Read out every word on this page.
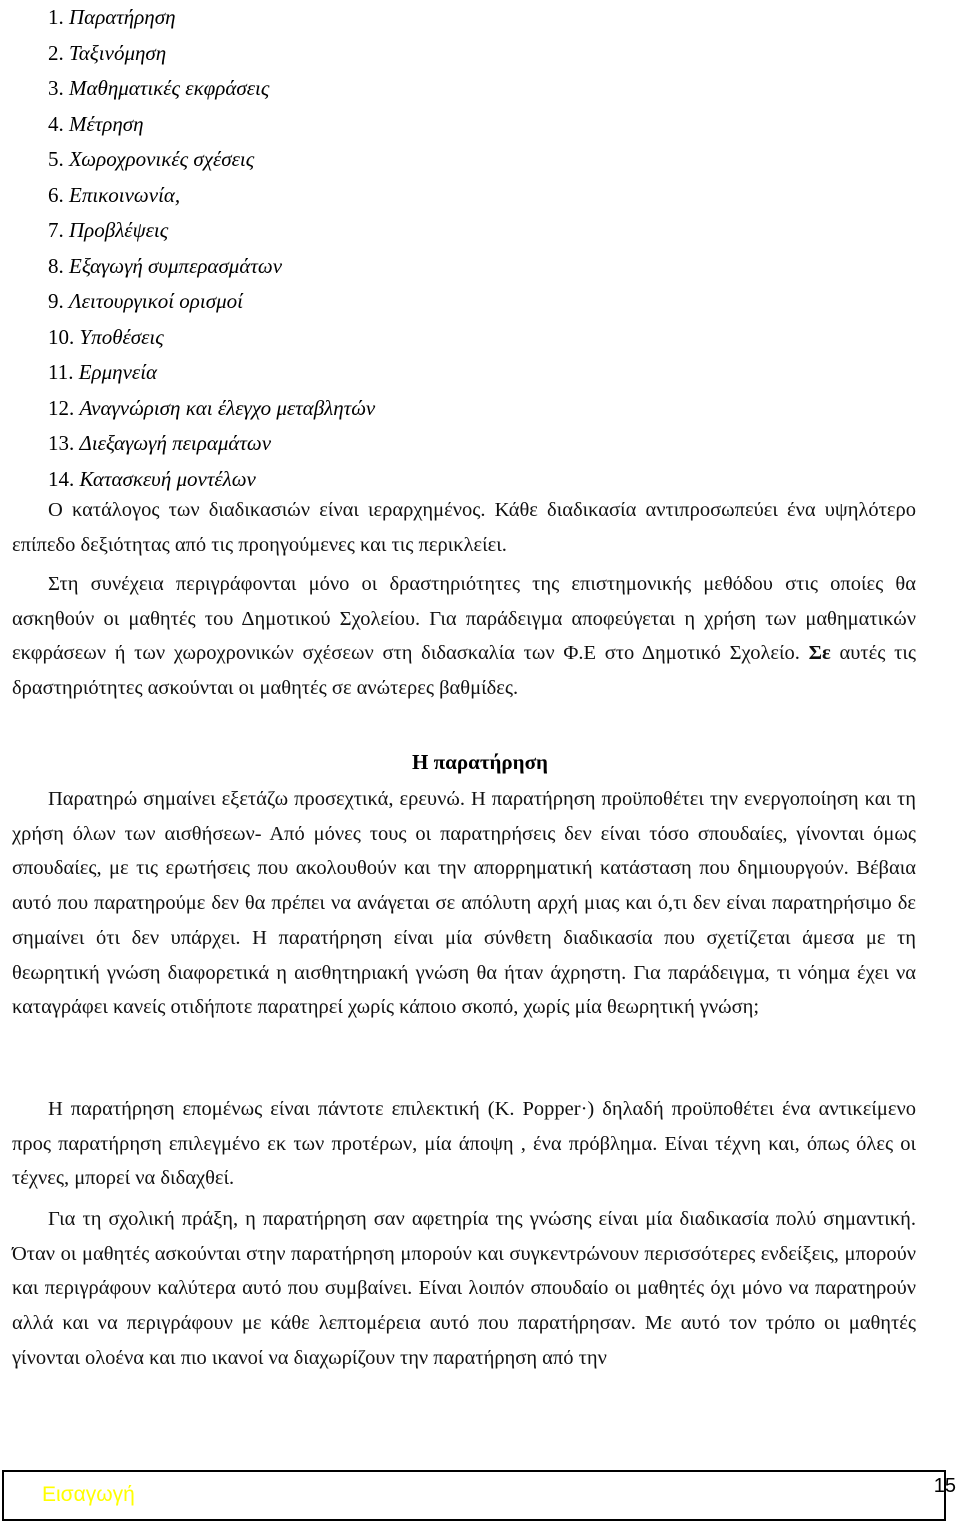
1. Παρατήρηση
2. Ταξινόμηση
3. Μαθηματικές εκφράσεις
4. Μέτρηση
5. Χωροχρονικές σχέσεις
6. Επικοινωνία,
7. Προβλέψεις
8. Εξαγωγή συμπερασμάτων
9. Λειτουργικοί ορισμοί
10. Υποθέσεις
11. Ερμηνεία
12. Αναγνώριση και έλεγχο μεταβλητών
13. Διεξαγωγή πειραμάτων
14. Κατασκευή μοντέλων

Ο κατάλογος των διαδικασιών είναι ιεραρχημένος. Κάθε διαδικασία αντιπροσωπεύει ένα υψηλότερο επίπεδο δεξιότητας από τις προηγούμενες και τις περικλείει.

Στη συνέχεια περιγράφονται μόνο οι δραστηριότητες της επιστημονικής μεθόδου στις οποίες θα ασκηθούν οι μαθητές του Δημοτικού Σχολείου. Για παράδειγμα αποφεύγεται η χρήση των μαθηματικών εκφράσεων ή των χωροχρονικών σχέσεων στη διδασκαλία των Φ.Ε στο Δημοτικό Σχολείο. Σε αυτές τις δραστηριότητες ασκούνται οι μαθητές σε ανώτερες βαθμίδες.

Η παρατήρηση

Παρατηρώ σημαίνει εξετάζω προσεχτικά, ερευνώ. Η παρατήρηση προϋποθέτει την ενεργοποίηση και τη χρήση όλων των αισθήσεων- Από μόνες τους οι παρατηρήσεις δεν είναι τόσο σπουδαίες, γίνονται όμως σπουδαίες, με τις ερωτήσεις που ακολουθούν και την απορρηματική κατάσταση που δημιουργούν. Βέβαια αυτό που παρατηρούμε δεν θα πρέπει να ανάγεται σε απόλυτη αρχή μιας και ό,τι δεν είναι παρατηρήσιμο δε σημαίνει ότι δεν υπάρχει. Η παρατήρηση είναι μία σύνθετη διαδικασία που σχετίζεται άμεσα με τη θεωρητική γνώση διαφορετικά η αισθητηριακή γνώση θα ήταν άχρηστη. Για παράδειγμα, τι νόημα έχει να καταγράφει κανείς οτιδήποτε παρατηρεί χωρίς κάποιο σκοπό, χωρίς μία θεωρητική γνώση;

Η παρατήρηση επομένως είναι πάντοτε επιλεκτική (K. Popper·) δηλαδή προϋποθέτει ένα αντικείμενο προς παρατήρηση επιλεγμένο εκ των προτέρων, μία άποψη , ένα πρόβλημα. Είναι τέχνη και, όπως όλες οι τέχνες, μπορεί να διδαχθεί.

Για τη σχολική πράξη, η παρατήρηση σαν αφετηρία της γνώσης είναι μία διαδικασία πολύ σημαντική. Όταν οι μαθητές ασκούνται στην παρατήρηση μπορούν και συγκεντρώνουν περισσότερες ενδείξεις, μπορούν και περιγράφουν καλύτερα αυτό που συμβαίνει. Είναι λοιπόν σπουδαίο οι μαθητές όχι μόνο να παρατηρούν αλλά και να περιγράφουν με κάθε λεπτομέρεια αυτό που παρατήρησαν. Με αυτό τον τρόπο οι μαθητές γίνονται ολοένα και πιο ικανοί να διαχωρίζουν την παρατήρηση από την

Εισαγωγή	15
